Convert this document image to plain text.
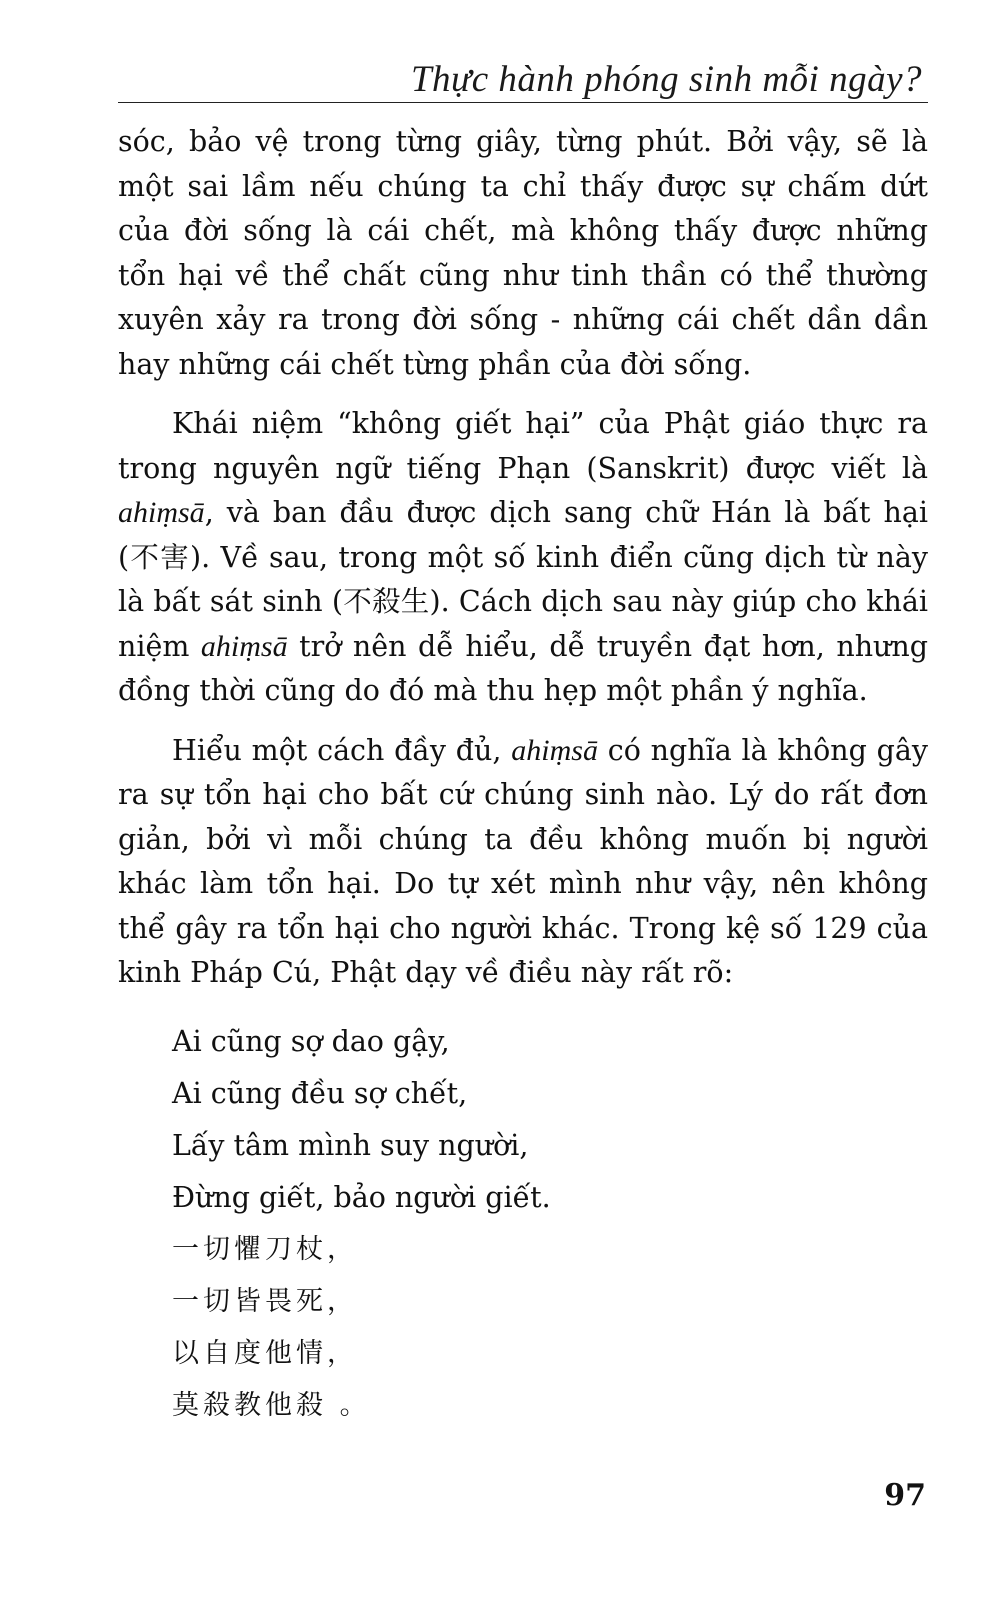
Thực hành phóng sinh mỗi ngày?

sóc, bảo vệ trong từng giây, từng phút. Bởi vậy, sẽ là một sai lầm nếu chúng ta chỉ thấy được sự chấm dứt của đời sống là cái chết, mà không thấy được những tổn hại về thể chất cũng như tinh thần có thể thường xuyên xảy ra trong đời sống - những cái chết dần dần hay những cái chết từng phần của đời sống.

Khái niệm “không giết hại” của Phật giáo thực ra trong nguyên ngữ tiếng Phạn (Sanskrit) được viết là ahiṃsā, và ban đầu được dịch sang chữ Hán là bất hại (不害). Về sau, trong một số kinh điển cũng dịch từ này là bất sát sinh (不殺生). Cách dịch sau này giúp cho khái niệm ahiṃsā trở nên dễ hiểu, dễ truyền đạt hơn, nhưng đồng thời cũng do đó mà thu hẹp một phần ý nghĩa.

Hiểu một cách đầy đủ, ahiṃsā có nghĩa là không gây ra sự tổn hại cho bất cứ chúng sinh nào. Lý do rất đơn giản, bởi vì mỗi chúng ta đều không muốn bị người khác làm tổn hại. Do tự xét mình như vậy, nên không thể gây ra tổn hại cho người khác. Trong kệ số 129 của kinh Pháp Cú, Phật dạy về điều này rất rõ:

Ai cũng sợ dao gậy,
Ai cũng đều sợ chết,
Lấy tâm mình suy người,
Đừng giết, bảo người giết.
一切懼刀杖，
一切皆畏死，
以自度他情，
莫殺教他殺 。
97
